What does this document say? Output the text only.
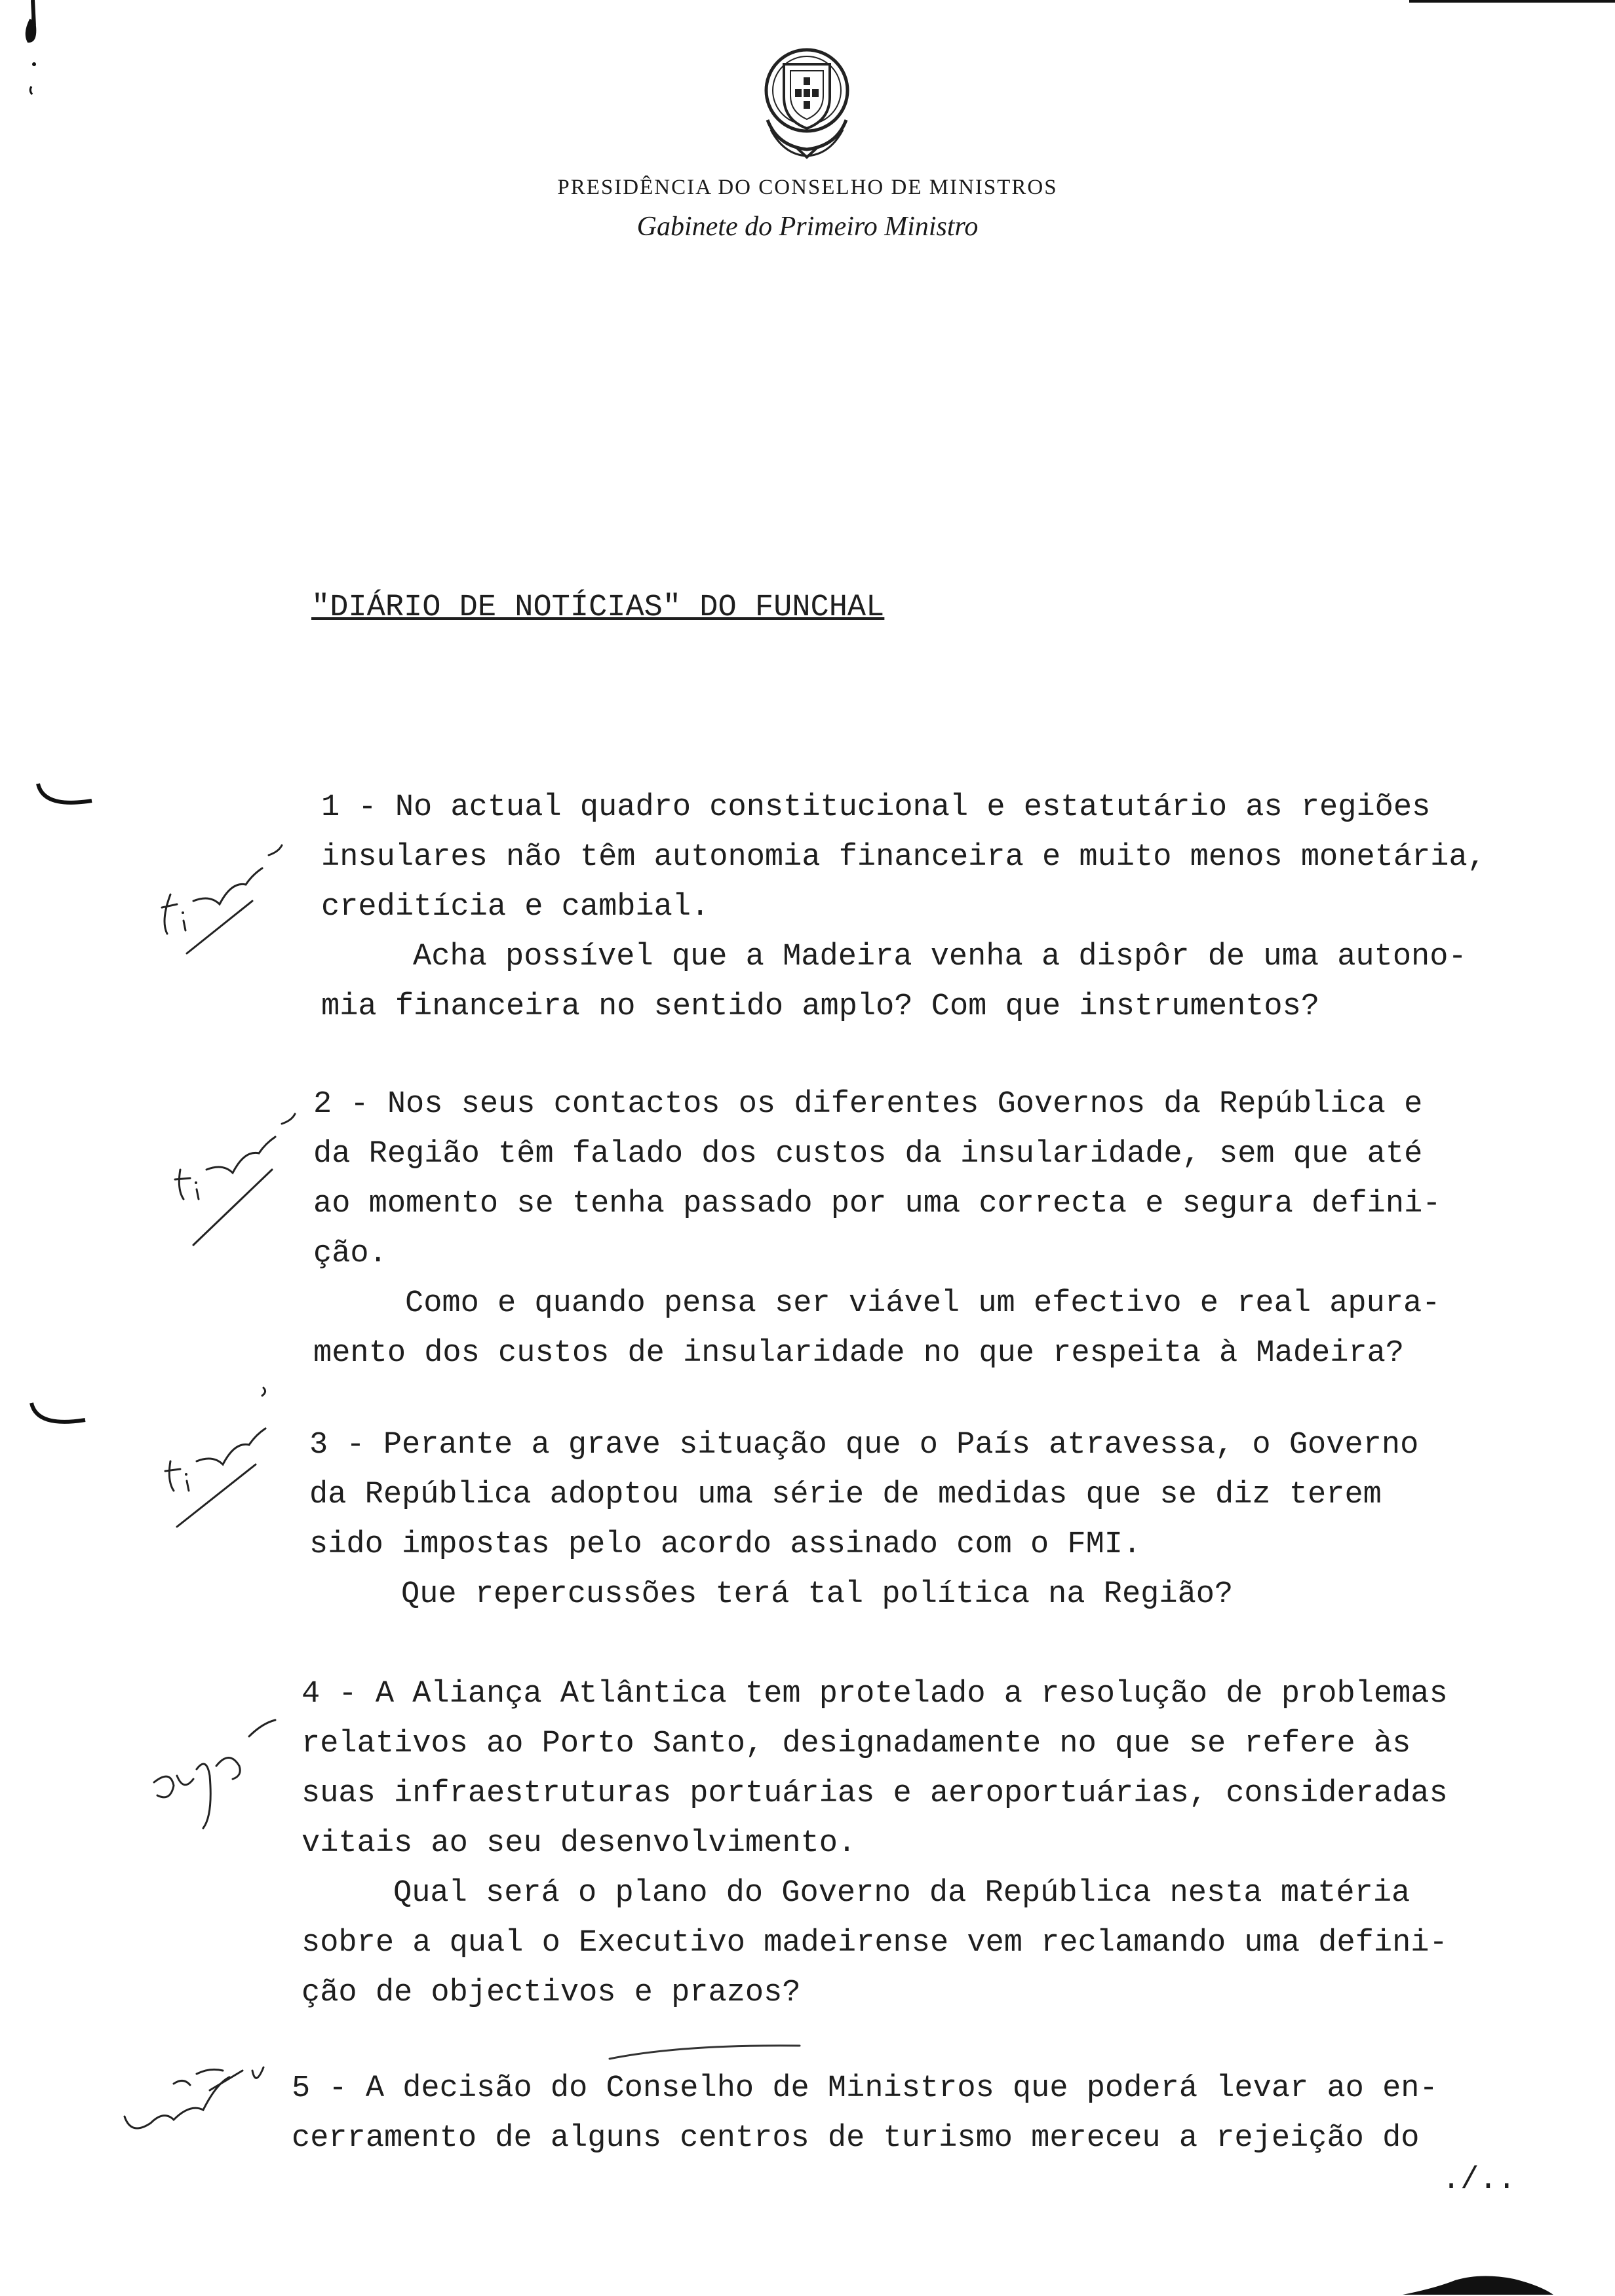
PRESIDÊNCIA DO CONSELHO DE MINISTROS
Gabinete do Primeiro Ministro
"DIÁRIO DE NOTÍCIAS" DO FUNCHAL

1 - No actual quadro constitucional e estatutário as regiões

insulares não têm autonomia financeira e muito menos monetária,

creditícia e cambial.

Acha possível que a Madeira venha a dispôr de uma autono-

mia financeira no sentido amplo? Com que instrumentos?

2 - Nos seus contactos os diferentes Governos da República e

da Região têm falado dos custos da insularidade, sem que até

ao momento se tenha passado por uma correcta e segura defini-

ção.

Como e quando pensa ser viável um efectivo e real apura-

mento dos custos de insularidade no que respeita à Madeira?

3 - Perante a grave situação que o País atravessa, o Governo

da República adoptou uma série de medidas que se diz terem

sido impostas pelo acordo assinado com o FMI.

Que repercussões terá tal política na Região?

4 - A Aliança Atlântica tem protelado a resolução de problemas

relativos ao Porto Santo, designadamente no que se refere às

suas infraestruturas portuárias e aeroportuárias, consideradas

vitais ao seu desenvolvimento.

Qual será o plano do Governo da República nesta matéria

sobre a qual o Executivo madeirense vem reclamando uma defini-

ção de objectivos e prazos?

5 - A decisão do Conselho de Ministros que poderá levar ao en-

cerramento de alguns centros de turismo mereceu a rejeição do

./..
